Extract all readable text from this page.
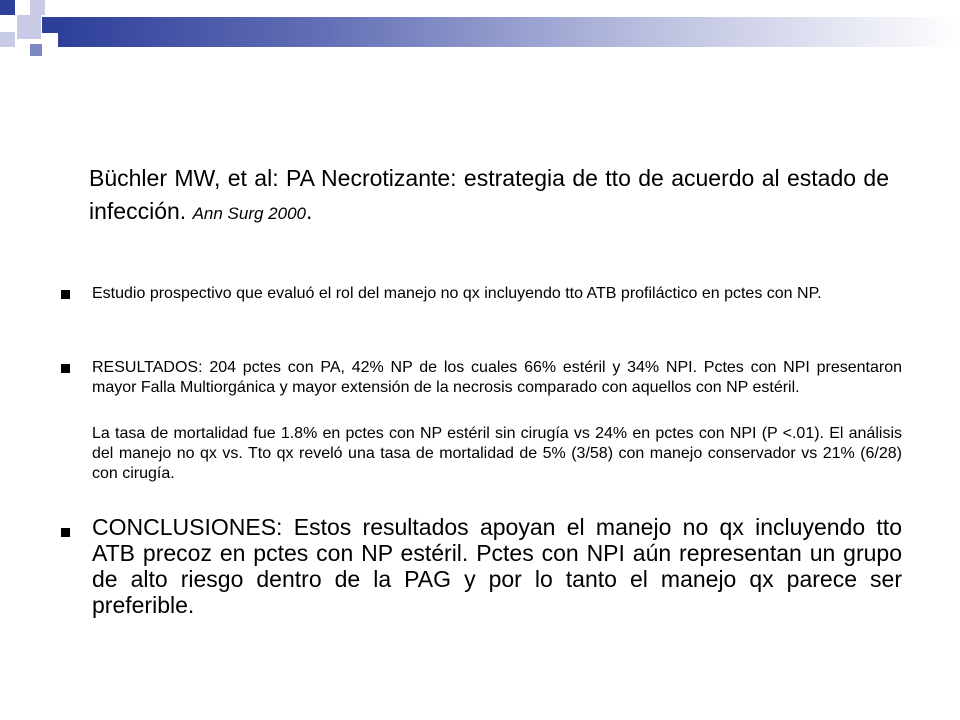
Büchler MW, et al: PA Necrotizante: estrategia de tto de acuerdo al estado de infección. Ann Surg 2000.
Estudio prospectivo que evaluó el rol del manejo no qx incluyendo tto ATB profiláctico en pctes con NP.
RESULTADOS: 204 pctes con PA, 42% NP de los cuales 66% estéril y 34% NPI. Pctes con NPI presentaron mayor Falla Multiorgánica y mayor extensión de la necrosis comparado con aquellos con NP estéril.
La tasa de mortalidad fue 1.8% en pctes con NP estéril sin cirugía vs 24% en pctes con NPI (P <.01). El análisis del manejo no qx vs. Tto qx reveló una tasa de mortalidad de 5% (3/58) con manejo conservador vs 21% (6/28) con cirugía.
CONCLUSIONES: Estos resultados apoyan el manejo no qx incluyendo tto ATB precoz en pctes con NP estéril. Pctes con NPI aún representan un grupo de alto riesgo dentro de la PAG y por lo tanto el manejo qx parece ser preferible.
